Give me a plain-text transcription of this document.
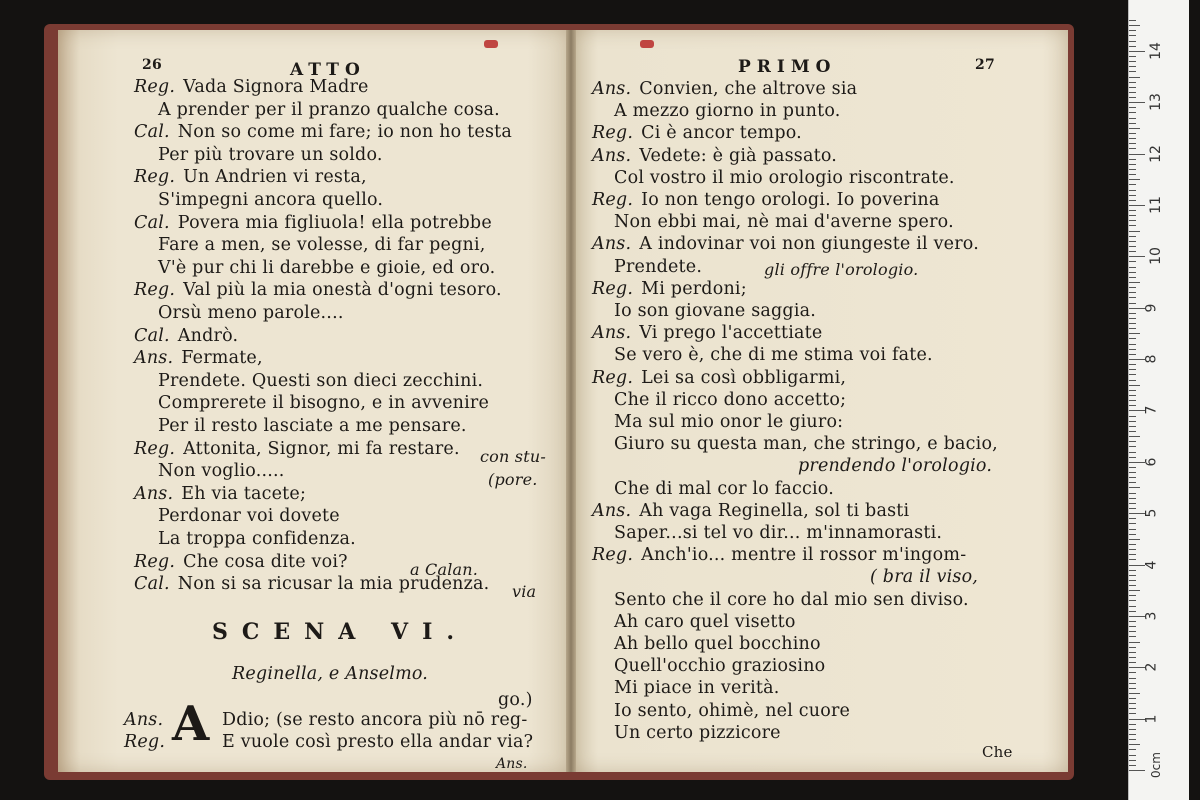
26	ATTO
Reg. Vada Signora Madre
A prender per il pranzo qualche cosa.
Cal. Non so come mi fare; io non ho testa
Per più trovare un soldo.
Reg. Un Andrien vi resta,
S'impegni ancora quello.
Cal. Povera mia figliuola! ella potrebbe
Fare a men, se volesse, di far pegni,
V'è pur chi li darebbe e gioie, ed oro.
Reg. Val più la mia onestà d'ogni tesoro.
Orsù meno parole....
Cal. Andrò.
Ans. Fermate,
Prendete. Questi son dieci zecchini.
Comprerete il bisogno, e in avvenire
Per il resto lasciate a me pensare.
Reg. Attonita, Signor, mi fa restare.
Non voglio.....
Ans. Eh via tacete;
Perdonar voi dovete
La troppa confidenza.
Reg. Che cosa dite voi?
Cal. Non si sa ricusar la mia prudenza.
con stu-
(pore.
a Calan.
via
SCENA VI.
Reginella, e Anselmo.
go.)
A
Ans.	Ddio; (se resto ancora più nō reg-
Reg.	E vuole così presto ella andar via?
Ans.
PRIMO	27
Ans. Convien, che altrove sia
A mezzo giorno in punto.
Reg. Ci è ancor tempo.
Ans. Vedete: è già passato.
Col vostro il mio orologio riscontrate.
Reg. Io non tengo orologi. Io poverina
Non ebbi mai, nè mai d'averne spero.
Ans. A indovinar voi non giungeste il vero.
Prendete.
Reg. Mi perdoni;
Io son giovane saggia.
Ans. Vi prego l'accettiate
Se vero è, che di me stima voi fate.
Reg. Lei sa così obbligarmi,
Che il ricco dono accetto;
Ma sul mio onor le giuro:
Giuro su questa man, che stringo, e bacio,
prendendo l'orologio.
Che di mal cor lo faccio.
Ans. Ah vaga Reginella, sol ti basti
Saper...si tel vo dir... m'innamorasti.
Reg. Anch'io... mentre il rossor m'ingom-
( bra il viso,
Sento che il core ho dal mio sen diviso.
Ah caro quel visetto
Ah bello quel bocchino
Quell'occhio graziosino
Mi piace in verità.
Io sento, ohimè, nel cuore
Un certo pizzicore
gli offre l'orologio.
Che
0cm
1
2
3
4
5
6
7
8
9
10
11
12
13
14
